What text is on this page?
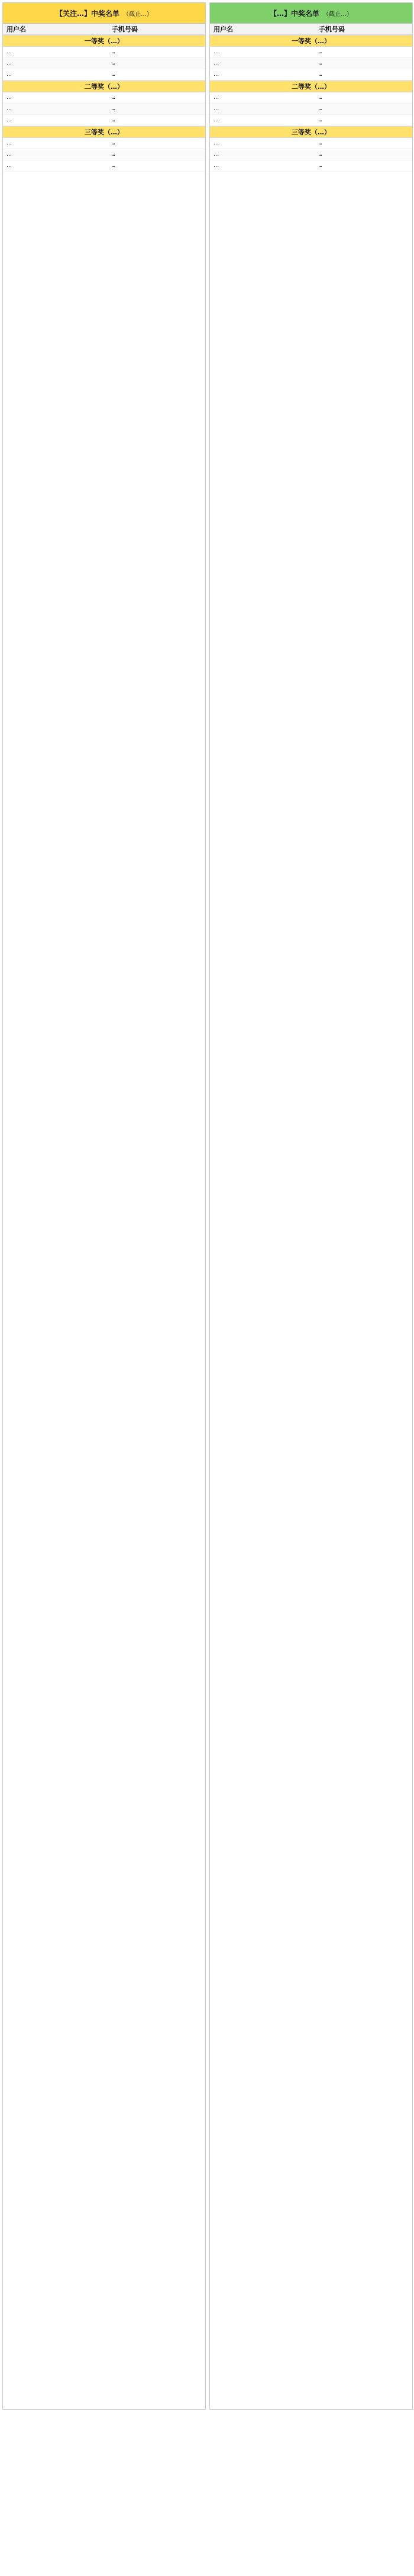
【关注…】中奖名单 （截止…）
用户名	手机号码
一等奖（…）
…	…
…	…
…	…
二等奖（…）
…	…
…	…
…	…
三等奖（…）
…	…
…	…
…	…
【…】中奖名单 （截止…）
用户名	手机号码
一等奖（…）
…	…
…	…
…	…
二等奖（…）
…	…
…	…
…	…
三等奖（…）
…	…
…	…
…	…
